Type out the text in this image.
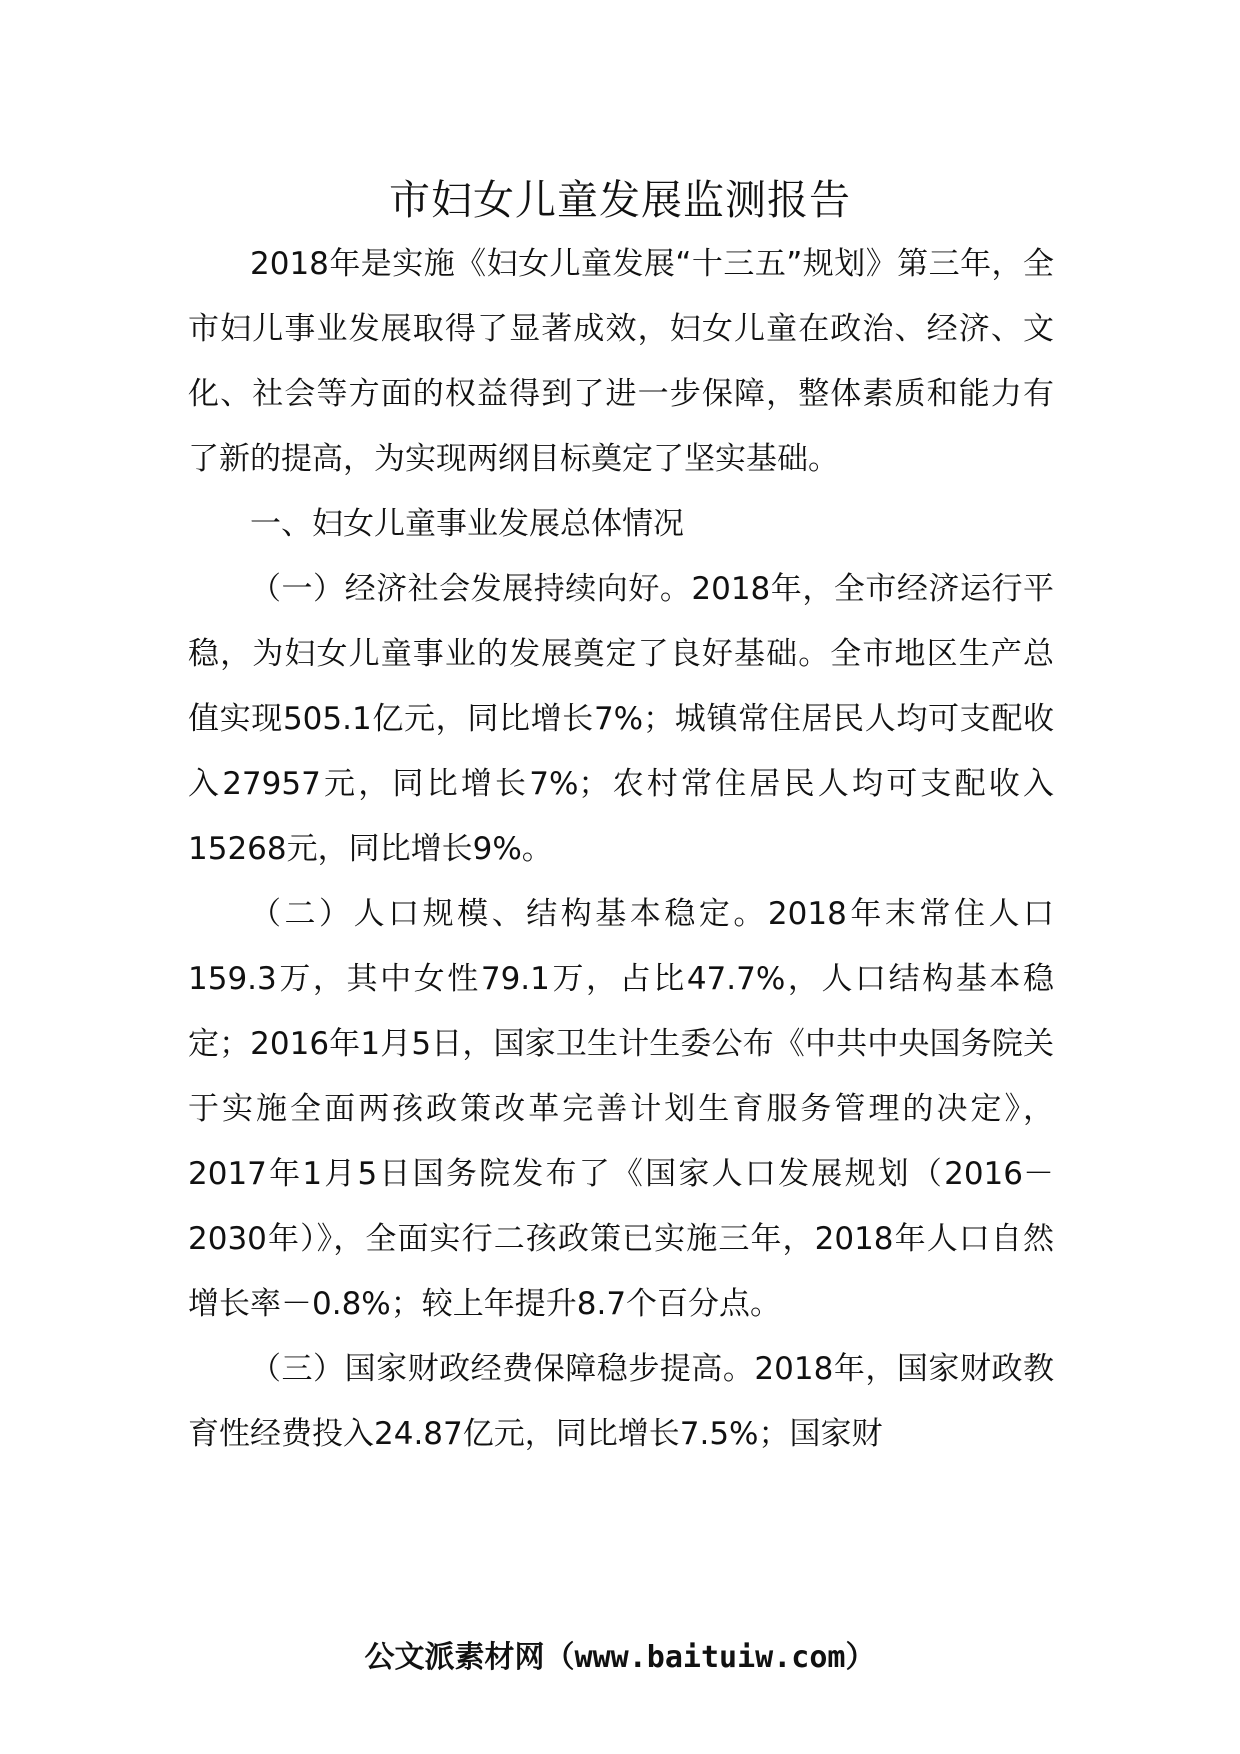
市妇女儿童发展监测报告

2018年是实施《妇女儿童发展“十三五”规划》第三年，全市妇儿事业发展取得了显著成效，妇女儿童在政治、经济、文化、社会等方面的权益得到了进一步保障，整体素质和能力有了新的提高，为实现两纲目标奠定了坚实基础。

一、妇女儿童事业发展总体情况

（一）经济社会发展持续向好。2018年，全市经济运行平稳，为妇女儿童事业的发展奠定了良好基础。全市地区生产总值实现505.1亿元，同比增长7%；城镇常住居民人均可支配收入27957元，同比增长7%；农村常住居民人均可支配收入15268元，同比增长9%。

（二）人口规模、结构基本稳定。2018年末常住人口159.3万，其中女性79.1万，占比47.7%，人口结构基本稳定；2016年1月5日，国家卫生计生委公布《中共中央国务院关于实施全面两孩政策改革完善计划生育服务管理的决定》，2017年1月5日国务院发布了《国家人口发展规划（2016－2030年）》，全面实行二孩政策已实施三年，2018年人口自然增长率－0.8%；较上年提升8.7个百分点。

（三）国家财政经费保障稳步提高。2018年，国家财政教育性经费投入24.87亿元，同比增长7.5%；国家财

公文派素材网（www.baituiw.com）
